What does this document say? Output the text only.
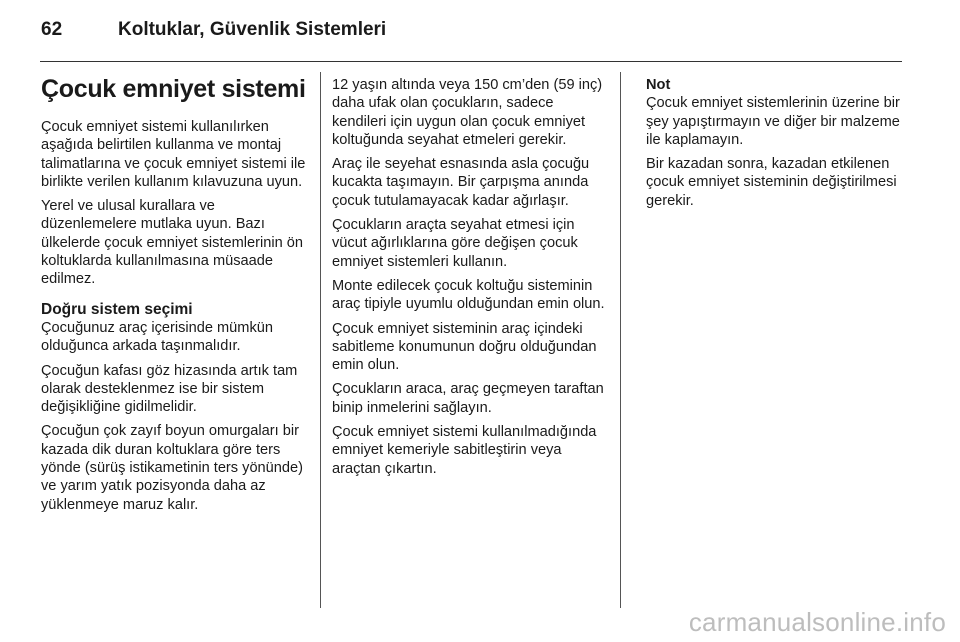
62	Koltuklar, Güvenlik Sistemleri
Çocuk emniyet sistemi

Çocuk emniyet sistemi kullanılırken aşağıda belirtilen kullanma ve montaj talimatlarına ve çocuk emniyet sistemi ile birlikte verilen kullanım kılavuzuna uyun.

Yerel ve ulusal kurallara ve düzenlemelere mutlaka uyun. Bazı ülkelerde çocuk emniyet sistemlerinin ön koltuklarda kullanılmasına müsaade edilmez.

Doğru sistem seçimi

Çocuğunuz araç içerisinde mümkün olduğunca arkada taşınmalıdır.

Çocuğun kafası göz hizasında artık tam olarak desteklenmez ise bir sistem değişikliğine gidilmelidir.

Çocuğun çok zayıf boyun omurgaları bir kazada dik duran koltuklara göre ters yönde (sürüş istikametinin ters yönünde) ve yarım yatık pozisyonda daha az yüklenmeye maruz kalır.

12 yaşın altında veya 150 cm’den (59 inç) daha ufak olan çocukların, sadece kendileri için uygun olan çocuk emniyet koltuğunda seyahat etmeleri gerekir.

Araç ile seyehat esnasında asla çocuğu kucakta taşımayın. Bir çarpışma anında çocuk tutulamayacak kadar ağırlaşır.

Çocukların araçta seyahat etmesi için vücut ağırlıklarına göre değişen çocuk emniyet sistemleri kullanın.

Monte edilecek çocuk koltuğu sisteminin araç tipiyle uyumlu olduğundan emin olun.

Çocuk emniyet sisteminin araç içindeki sabitleme konumunun doğru olduğundan emin olun.

Çocukların araca, araç geçmeyen taraftan binip inmelerini sağlayın.

Çocuk emniyet sistemi kullanılmadığında emniyet kemeriyle sabitleştirin veya araçtan çıkartın.

Not

Çocuk emniyet sistemlerinin üzerine bir şey yapıştırmayın ve diğer bir malzeme ile kaplamayın.

Bir kazadan sonra, kazadan etkilenen çocuk emniyet sisteminin değiştirilmesi gerekir.

carmanualsonline.info
